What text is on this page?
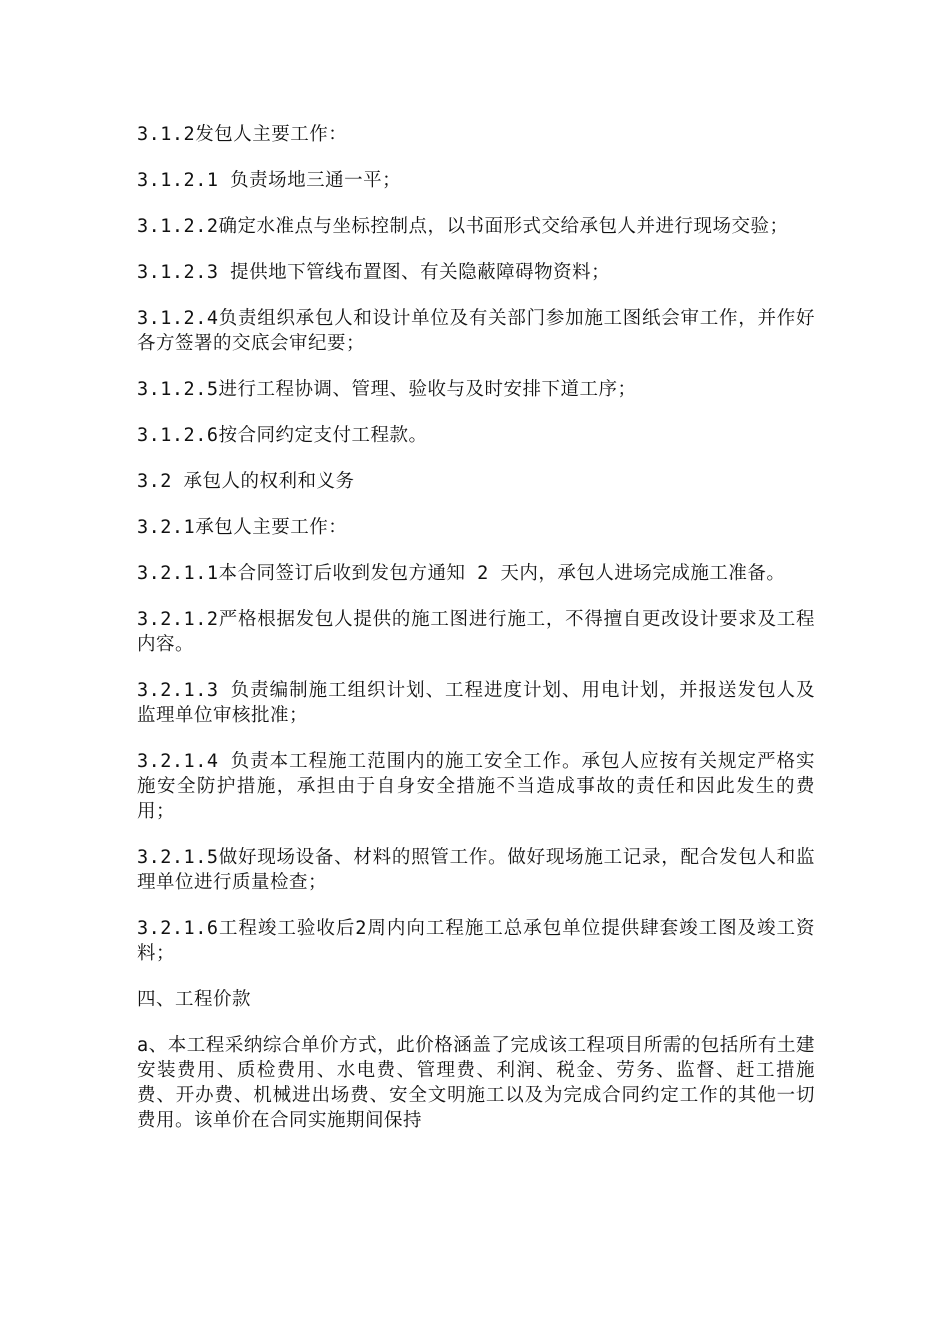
3.1.2发包人主要工作：

3.1.2.1 负责场地三通一平；

3.1.2.2确定水准点与坐标控制点，以书面形式交给承包人并进行现场交验；

3.1.2.3 提供地下管线布置图、有关隐蔽障碍物资料；

3.1.2.4负责组织承包人和设计单位及有关部门参加施工图纸会审工作，并作好各方签署的交底会审纪要；

3.1.2.5进行工程协调、管理、验收与及时安排下道工序；

3.1.2.6按合同约定支付工程款。

3.2 承包人的权利和义务

3.2.1承包人主要工作：

3.2.1.1本合同签订后收到发包方通知 2 天内，承包人进场完成施工准备。

3.2.1.2严格根据发包人提供的施工图进行施工，不得擅自更改设计要求及工程内容。

3.2.1.3 负责编制施工组织计划、工程进度计划、用电计划，并报送发包人及监理单位审核批准；

3.2.1.4 负责本工程施工范围内的施工安全工作。承包人应按有关规定严格实施安全防护措施，承担由于自身安全措施不当造成事故的责任和因此发生的费用；

3.2.1.5做好现场设备、材料的照管工作。做好现场施工记录，配合发包人和监理单位进行质量检查；

3.2.1.6工程竣工验收后2周内向工程施工总承包单位提供肆套竣工图及竣工资料；

四、工程价款

a、本工程采纳综合单价方式，此价格涵盖了完成该工程项目所需的包括所有土建安装费用、质检费用、水电费、管理费、利润、税金、劳务、监督、赶工措施费、开办费、机械进出场费、安全文明施工以及为完成合同约定工作的其他一切费用。该单价在合同实施期间保持
